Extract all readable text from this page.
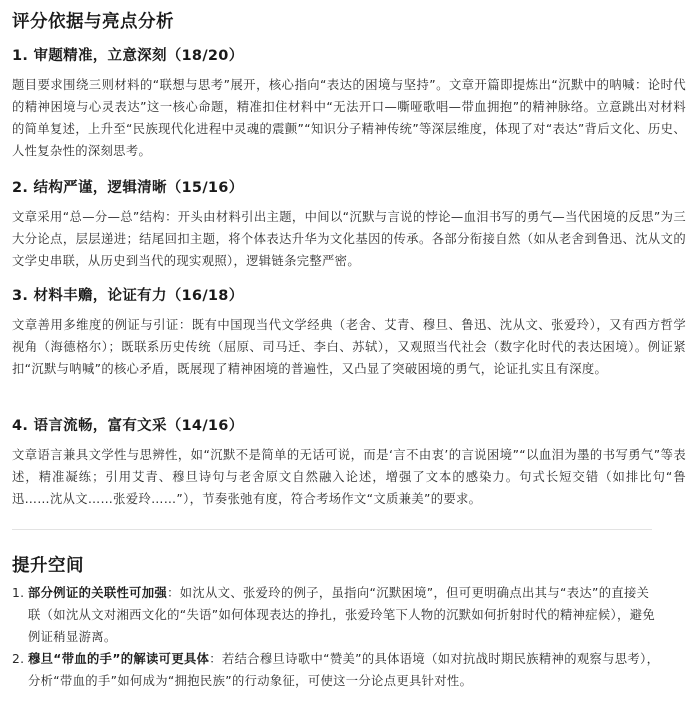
评分依据与亮点分析
1. 审题精准，立意深刻（18/20）

题目要求围绕三则材料的“联想与思考”展开，核心指向“表达的困境与坚持”。文章开篇即提炼出“沉默中的呐喊：论时代的精神困境与心灵表达”这一核心命题，精准扣住材料中“无法开口—嘶哑歌唱—带血拥抱”的精神脉络。立意跳出对材料的简单复述，上升至“民族现代化进程中灵魂的震颤”“知识分子精神传统”等深层维度，体现了对“表达”背后文化、历史、人性复杂性的深刻思考。

2. 结构严谨，逻辑清晰（15/16）

文章采用“总—分—总”结构：开头由材料引出主题，中间以“沉默与言说的悖论—血泪书写的勇气—当代困境的反思”为三大分论点，层层递进；结尾回扣主题，将个体表达升华为文化基因的传承。各部分衔接自然（如从老舍到鲁迅、沈从文的文学史串联，从历史到当代的现实观照），逻辑链条完整严密。

3. 材料丰赡，论证有力（16/18）

文章善用多维度的例证与引证：既有中国现当代文学经典（老舍、艾青、穆旦、鲁迅、沈从文、张爱玲），又有西方哲学视角（海德格尔）；既联系历史传统（屈原、司马迁、李白、苏轼），又观照当代社会（数字化时代的表达困境）。例证紧扣“沉默与呐喊”的核心矛盾，既展现了精神困境的普遍性，又凸显了突破困境的勇气，论证扎实且有深度。

4. 语言流畅，富有文采（14/16）

文章语言兼具文学性与思辨性，如“沉默不是简单的无话可说，而是‘言不由衷’的言说困境”“以血泪为墨的书写勇气”等表述，精准凝练；引用艾青、穆旦诗句与老舍原文自然融入论述，增强了文本的感染力。句式长短交错（如排比句“鲁迅……沈从文……张爱玲……”），节奏张弛有度，符合考场作文“文质兼美”的要求。

提升空间
1. 部分例证的关联性可加强：如沈从文、张爱玲的例子，虽指向“沉默困境”，但可更明确点出其与“表达”的直接关联（如沈从文对湘西文化的“失语”如何体现表达的挣扎，张爱玲笔下人物的沉默如何折射时代的精神症候），避免例证稍显游离。
2. 穆旦“带血的手”的解读可更具体：若结合穆旦诗歌中“赞美”的具体语境（如对抗战时期民族精神的观察与思考），分析“带血的手”如何成为“拥抱民族”的行动象征，可使这一分论点更具针对性。
